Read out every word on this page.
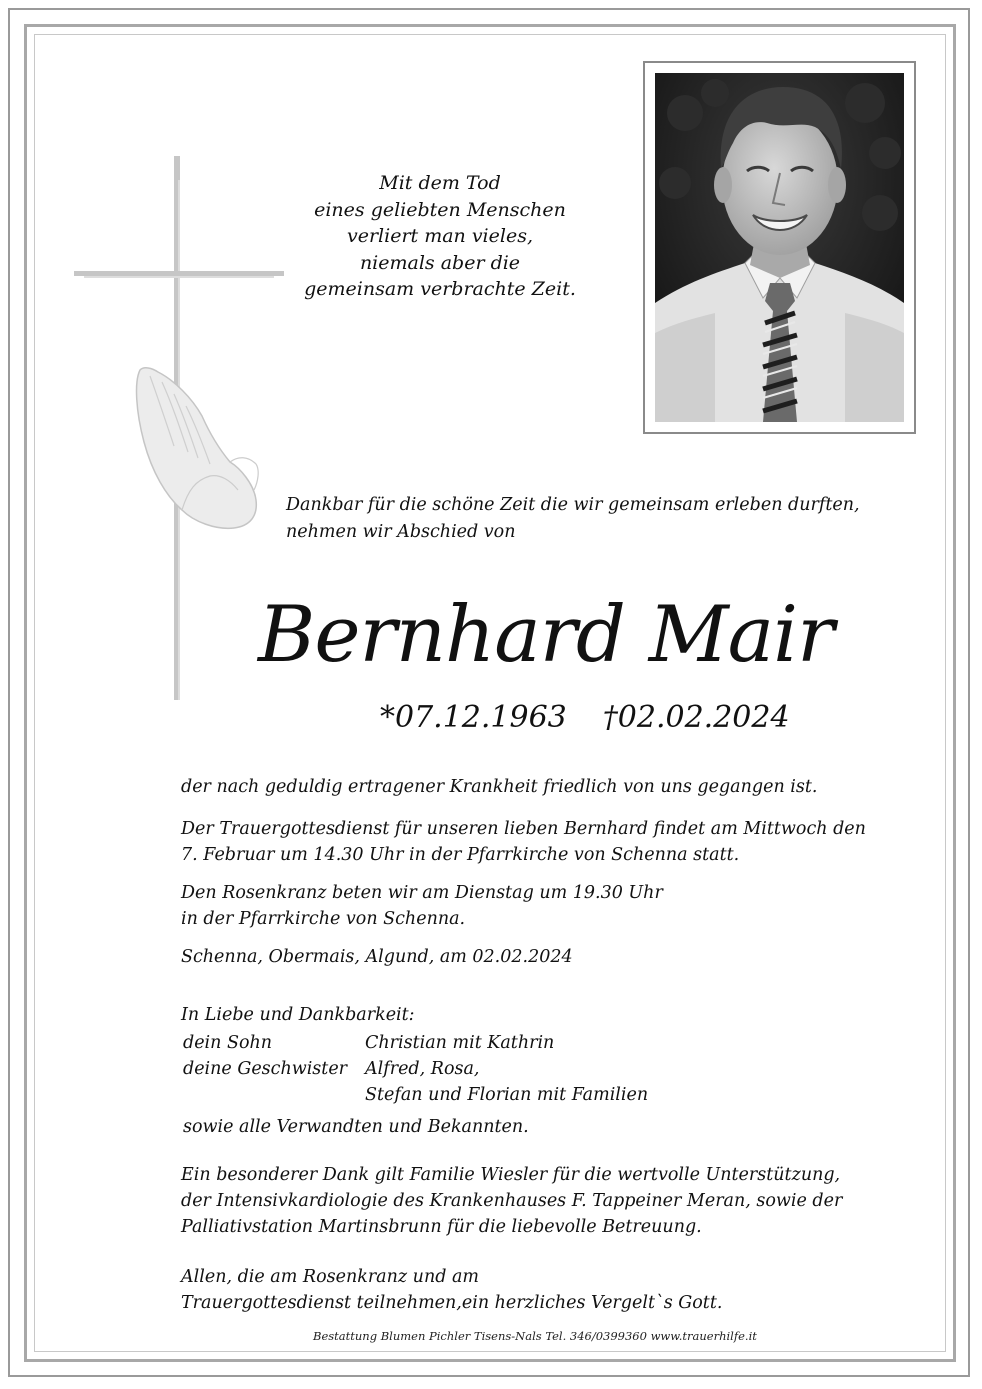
Mit dem Tod
eines geliebten Menschen
verliert man vieles,
niemals aber die
gemeinsam verbrachte Zeit.
Dankbar für die schöne Zeit die wir gemeinsam erleben durften,
nehmen wir Abschied von
Bernhard Mair
*07.12.1963 †02.02.2024
der nach geduldig ertragener Krankheit friedlich von uns gegangen ist.
Der Trauergottesdienst für unseren lieben Bernhard findet am Mittwoch den
7. Februar um 14.30 Uhr in der Pfarrkirche von Schenna statt.
Den Rosenkranz beten wir am Dienstag um 19.30 Uhr
in der Pfarrkirche von Schenna.
Schenna, Obermais, Algund, am 02.02.2024
In Liebe und Dankbarkeit:
dein Sohn	Christian mit Kathrin
deine Geschwister Alfred, Rosa,
Stefan und Florian mit Familien
sowie alle Verwandten und Bekannten.
Ein besonderer Dank gilt Familie Wiesler für die wertvolle Unterstützung,
der Intensivkardiologie des Krankenhauses F. Tappeiner Meran, sowie der
Palliativstation Martinsbrunn für die liebevolle Betreuung.
Allen, die am Rosenkranz und am
Trauergottesdienst teilnehmen,ein herzliches Vergelt`s Gott.
Bestattung Blumen Pichler Tisens-Nals Tel. 346/0399360 www.trauerhilfe.it
